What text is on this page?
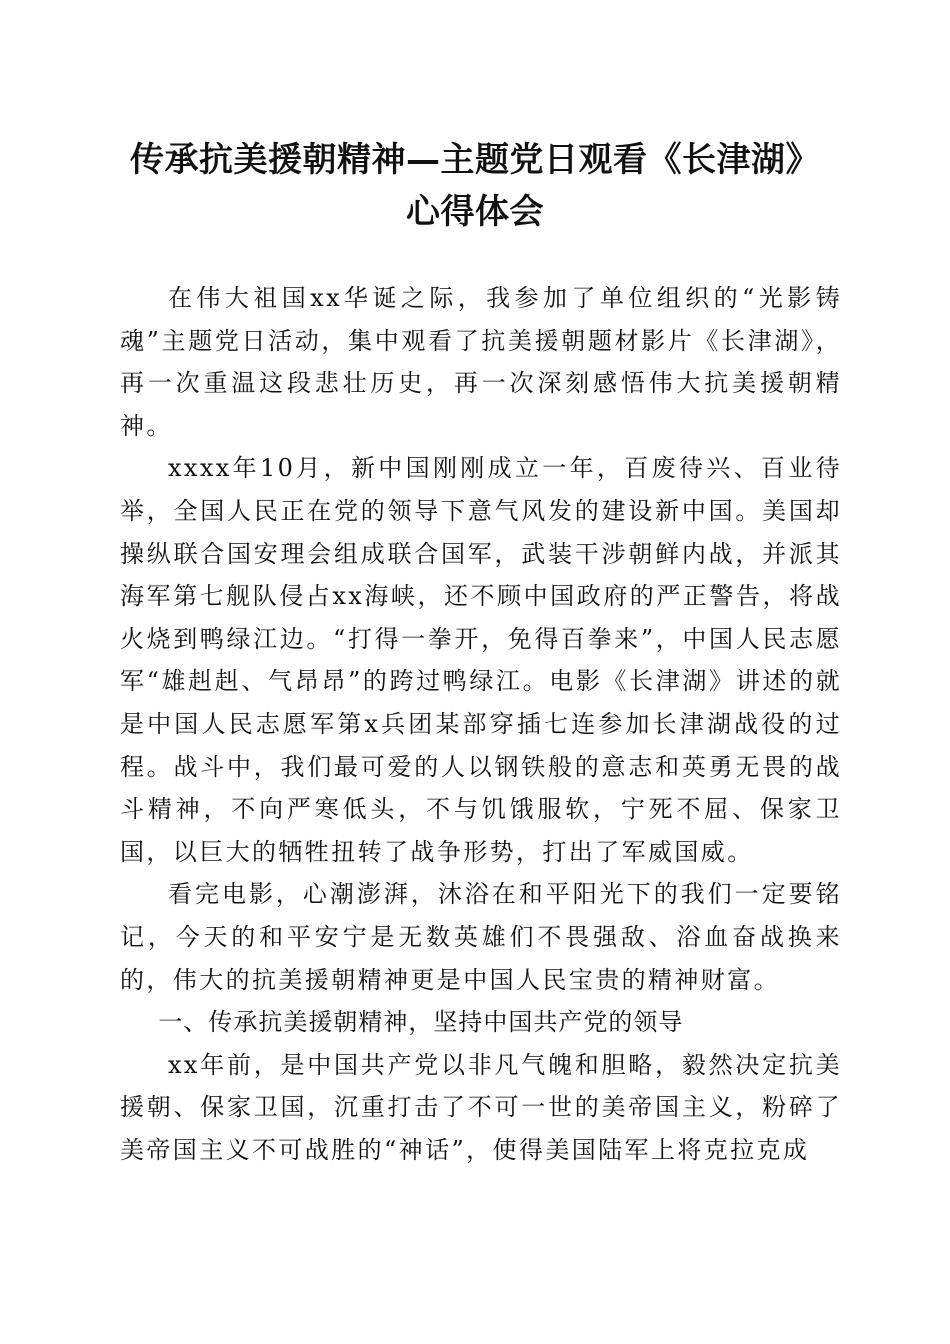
传承抗美援朝精神—主题党日观看《长津湖》
心得体会

在伟大祖国xx华诞之际，我参加了单位组织的“光影铸魂”主题党日活动，集中观看了抗美援朝题材影片《长津湖》，再一次重温这段悲壮历史，再一次深刻感悟伟大抗美援朝精神。

xxxx年10月，新中国刚刚成立一年，百废待兴、百业待举，全国人民正在党的领导下意气风发的建设新中国。美国却操纵联合国安理会组成联合国军，武装干涉朝鲜内战，并派其海军第七舰队侵占xx海峡，还不顾中国政府的严正警告，将战火烧到鸭绿江边。“打得一拳开，免得百拳来”，中国人民志愿军“雄赳赳、气昂昂”的跨过鸭绿江。电影《长津湖》讲述的就是中国人民志愿军第x兵团某部穿插七连参加长津湖战役的过程。战斗中，我们最可爱的人以钢铁般的意志和英勇无畏的战斗精神，不向严寒低头，不与饥饿服软，宁死不屈、保家卫国，以巨大的牺牲扭转了战争形势，打出了军威国威。

看完电影，心潮澎湃，沐浴在和平阳光下的我们一定要铭记，今天的和平安宁是无数英雄们不畏强敌、浴血奋战换来的，伟大的抗美援朝精神更是中国人民宝贵的精神财富。

一、传承抗美援朝精神，坚持中国共产党的领导

xx年前，是中国共产党以非凡气魄和胆略，毅然决定抗美援朝、保家卫国，沉重打击了不可一世的美帝国主义，粉碎了美帝国主义不可战胜的“神话”，使得美国陆军上将克拉克成
